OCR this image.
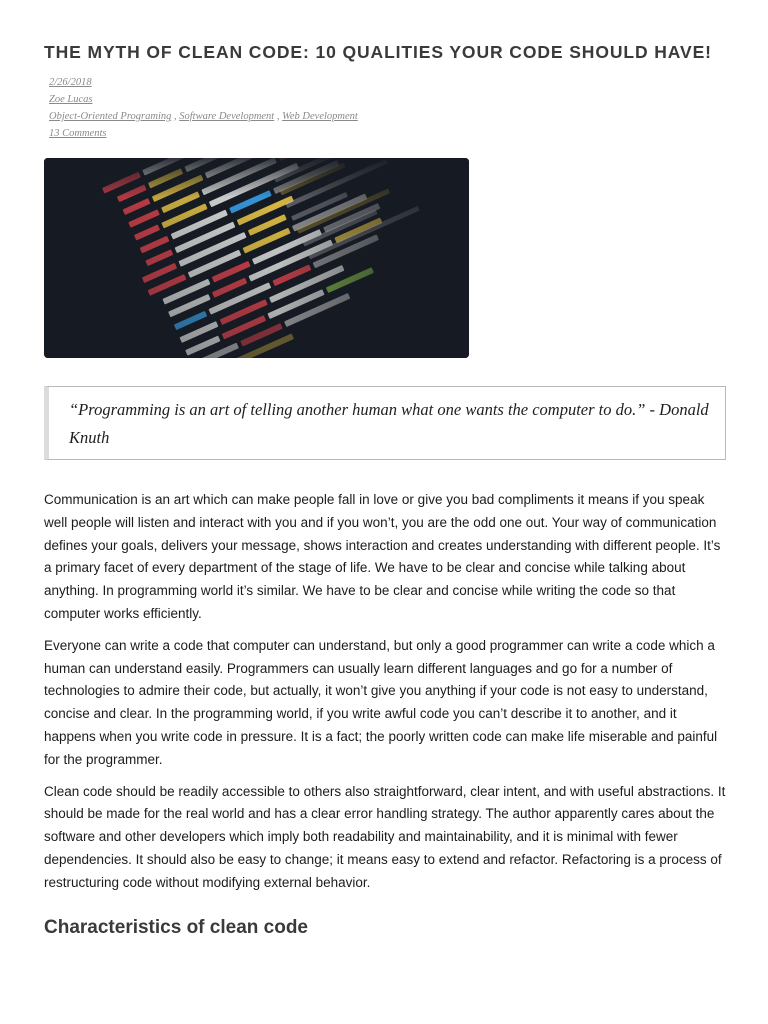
THE MYTH OF CLEAN CODE: 10 QUALITIES YOUR CODE SHOULD HAVE!
2/26/2018
Zoe Lucas
Object-Oriented Programing , Software Development , Web Development
13 Comments

“Programming is an art of telling another human what one wants the computer to do.” - Donald Knuth

Communication is an art which can make people fall in love or give you bad compliments it means if you speak well people will listen and interact with you and if you won’t, you are the odd one out. Your way of communication defines your goals, delivers your message, shows interaction and creates understanding with different people. It’s a primary facet of every department of the stage of life. We have to be clear and concise while talking about anything. In programming world it’s similar. We have to be clear and concise while writing the code so that computer works efficiently.

Everyone can write a code that computer can understand, but only a good programmer can write a code which a human can understand easily. Programmers can usually learn different languages and go for a number of technologies to admire their code, but actually, it won’t give you anything if your code is not easy to understand, concise and clear. In the programming world, if you write awful code you can’t describe it to another, and it happens when you write code in pressure. It is a fact; the poorly written code can make life miserable and painful for the programmer.

Clean code should be readily accessible to others also straightforward, clear intent, and with useful abstractions. It should be made for the real world and has a clear error handling strategy. The author apparently cares about the software and other developers which imply both readability and maintainability, and it is minimal with fewer dependencies. It should also be easy to change; it means easy to extend and refactor. Refactoring is a process of restructuring code without modifying external behavior.

Characteristics of clean code
